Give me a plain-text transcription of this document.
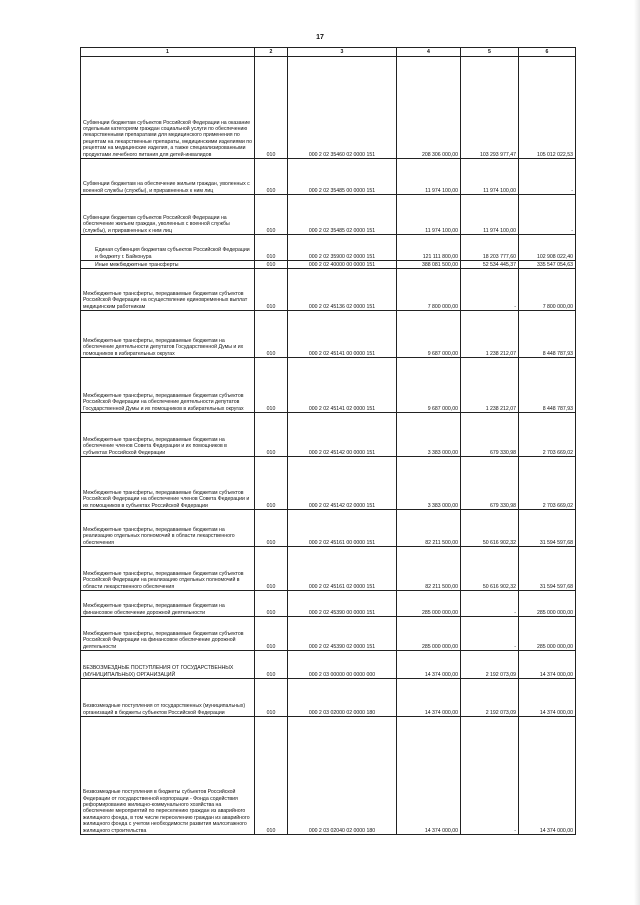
17
1	2	3	4	5	6
Субвенции бюджетам субъектов Российской Федерации на оказание отдельным категориям граждан социальной услуги по обеспечению лекарственными препаратами для медицинского применения по рецептам на лекарственные препараты, медицинскими изделиями по рецептам на медицинские изделия, а также специализированными продуктами лечебного питания для детей-инвалидов	010	000 2 02 35460 02 0000 151	208 306 000,00	103 293 977,47	105 012 022,53
Субвенции бюджетам на обеспечение жильем граждан, уволенных с военной службы (службы), и приравненных к ним лиц	010	000 2 02 35485 00 0000 151	11 974 100,00	11 974 100,00	-
Субвенции бюджетам субъектов Российской Федерации на обеспечение жильем граждан, уволенных с военной службы (службы), и приравненных к ним лиц	010	000 2 02 35485 02 0000 151	11 974 100,00	11 974 100,00	-
Единая субвенция бюджетам субъектов Российской Федерации и бюджету г. Байконура	010	000 2 02 35900 02 0000 151	121 111 800,00	18 203 777,60	102 908 022,40
Иные межбюджетные трансферты	010	000 2 02 40000 00 0000 151	388 081 500,00	52 534 445,37	335 547 054,63
Межбюджетные трансферты, передаваемые бюджетам субъектов Российской Федерации на осуществление единовременных выплат медицинским работникам	010	000 2 02 45136 02 0000 151	7 800 000,00	-	7 800 000,00
Межбюджетные трансферты, передаваемые бюджетам на обеспечение деятельности депутатов Государственной Думы и их помощников в избирательных округах	010	000 2 02 45141 00 0000 151	9 687 000,00	1 238 212,07	8 448 787,93
Межбюджетные трансферты, передаваемые бюджетам субъектов Российской Федерации на обеспечение деятельности депутатов Государственной Думы и их помощников в избирательных округах	010	000 2 02 45141 02 0000 151	9 687 000,00	1 238 212,07	8 448 787,93
Межбюджетные трансферты, передаваемые бюджетам на обеспечение членов Совета Федерации и их помощников в субъектах Российской Федерации	010	000 2 02 45142 00 0000 151	3 383 000,00	679 330,98	2 703 669,02
Межбюджетные трансферты, передаваемые бюджетам субъектов Российской Федерации на обеспечение членов Совета Федерации и их помощников в субъектах Российской Федерации	010	000 2 02 45142 02 0000 151	3 383 000,00	679 330,98	2 703 669,02
Межбюджетные трансферты, передаваемые бюджетам на реализацию отдельных полномочий в области лекарственного обеспечения	010	000 2 02 45161 00 0000 151	82 211 500,00	50 616 902,32	31 594 597,68
Межбюджетные трансферты, передаваемые бюджетам субъектов Российской Федерации на реализацию отдельных полномочий в области лекарственного обеспечения	010	000 2 02 45161 02 0000 151	82 211 500,00	50 616 902,32	31 594 597,68
Межбюджетные трансферты, передаваемые бюджетам на финансовое обеспечение дорожной деятельности	010	000 2 02 45390 00 0000 151	285 000 000,00	-	285 000 000,00
Межбюджетные трансферты, передаваемые бюджетам субъектов Российской Федерации на финансовое обеспечение дорожной деятельности	010	000 2 02 45390 02 0000 151	285 000 000,00	-	285 000 000,00
БЕЗВОЗМЕЗДНЫЕ ПОСТУПЛЕНИЯ ОТ ГОСУДАРСТВЕННЫХ (МУНИЦИПАЛЬНЫХ) ОРГАНИЗАЦИЙ	010	000 2 03 00000 00 0000 000	14 374 000,00	2 192 073,09	14 374 000,00
Безвозмездные поступления от государственных (муниципальных) организаций в бюджеты субъектов Российской Федерации	010	000 2 03 02000 02 0000 180	14 374 000,00	2 192 073,09	14 374 000,00
Безвозмездные поступления в бюджеты субъектов Российской Федерации от государственной корпорации - Фонда содействия реформированию жилищно-коммунального хозяйства на обеспечение мероприятий по переселению граждан из аварийного жилищного фонда, в том числе переселению граждан из аварийного жилищного фонда с учетом необходимости развития малоэтажного жилищного строительства	010	000 2 03 02040 02 0000 180	14 374 000,00	-	14 374 000,00
